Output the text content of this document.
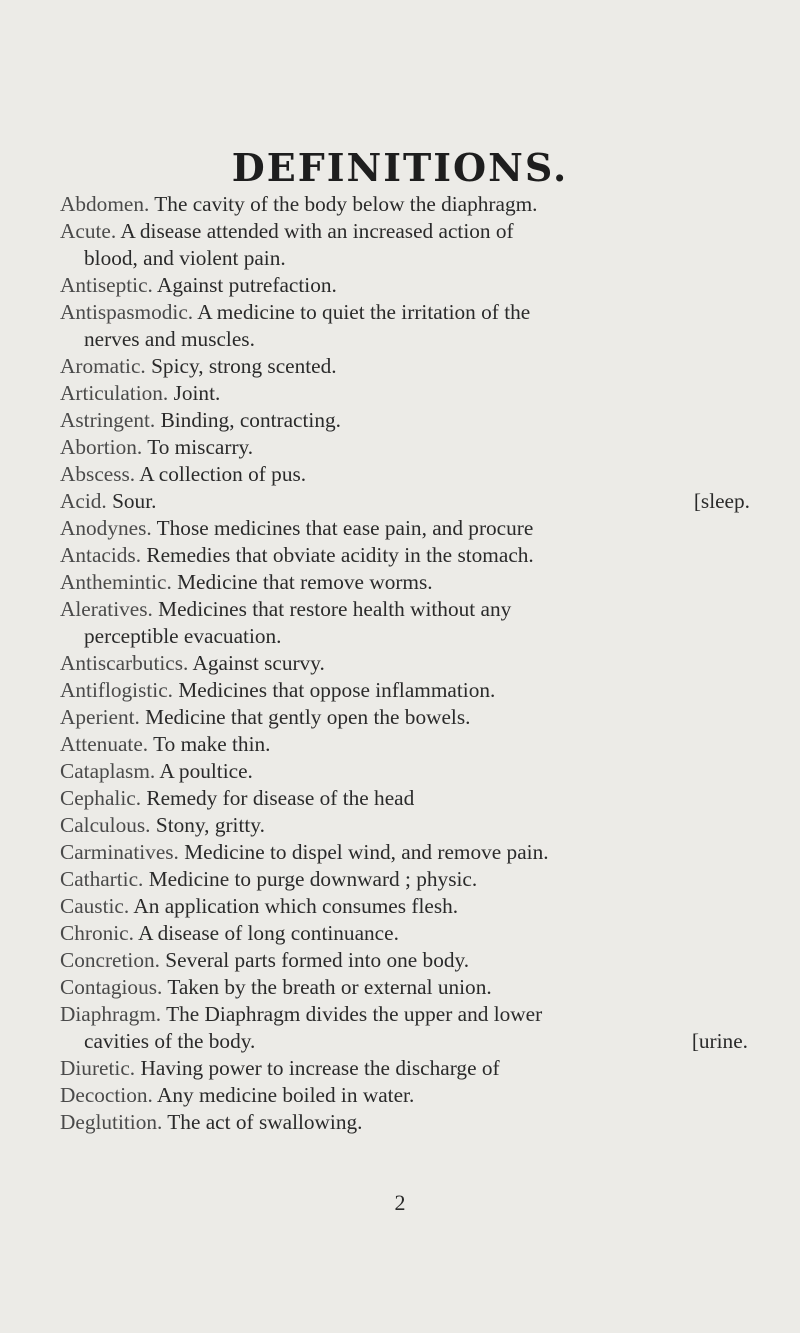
DEFINITIONS.
Abdomen. The cavity of the body below the diaphragm.
Acute. A disease attended with an increased action of
blood, and violent pain.
Antiseptic. Against putrefaction.
Antispasmodic. A medicine to quiet the irritation of the
nerves and muscles.
Aromatic. Spicy, strong scented.
Articulation. Joint.
Astringent. Binding, contracting.
Abortion. To miscarry.
Abscess. A collection of pus.
Acid. Sour.	[sleep.
Anodynes. Those medicines that ease pain, and procure
Antacids. Remedies that obviate acidity in the stomach.
Anthemintic. Medicine that remove worms.
Aleratives. Medicines that restore health without any
perceptible evacuation.
Antiscarbutics. Against scurvy.
Antiflogistic. Medicines that oppose inflammation.
Aperient. Medicine that gently open the bowels.
Attenuate. To make thin.
Cataplasm. A poultice.
Cephalic. Remedy for disease of the head
Calculous. Stony, gritty.
Carminatives. Medicine to dispel wind, and remove pain.
Cathartic. Medicine to purge downward ; physic.
Caustic. An application which consumes flesh.
Chronic. A disease of long continuance.
Concretion. Several parts formed into one body.
Contagious. Taken by the breath or external union.
Diaphragm. The Diaphragm divides the upper and lower
cavities of the body.	[urine.
Diuretic. Having power to increase the discharge of
Decoction. Any medicine boiled in water.
Deglutition. The act of swallowing.
2
